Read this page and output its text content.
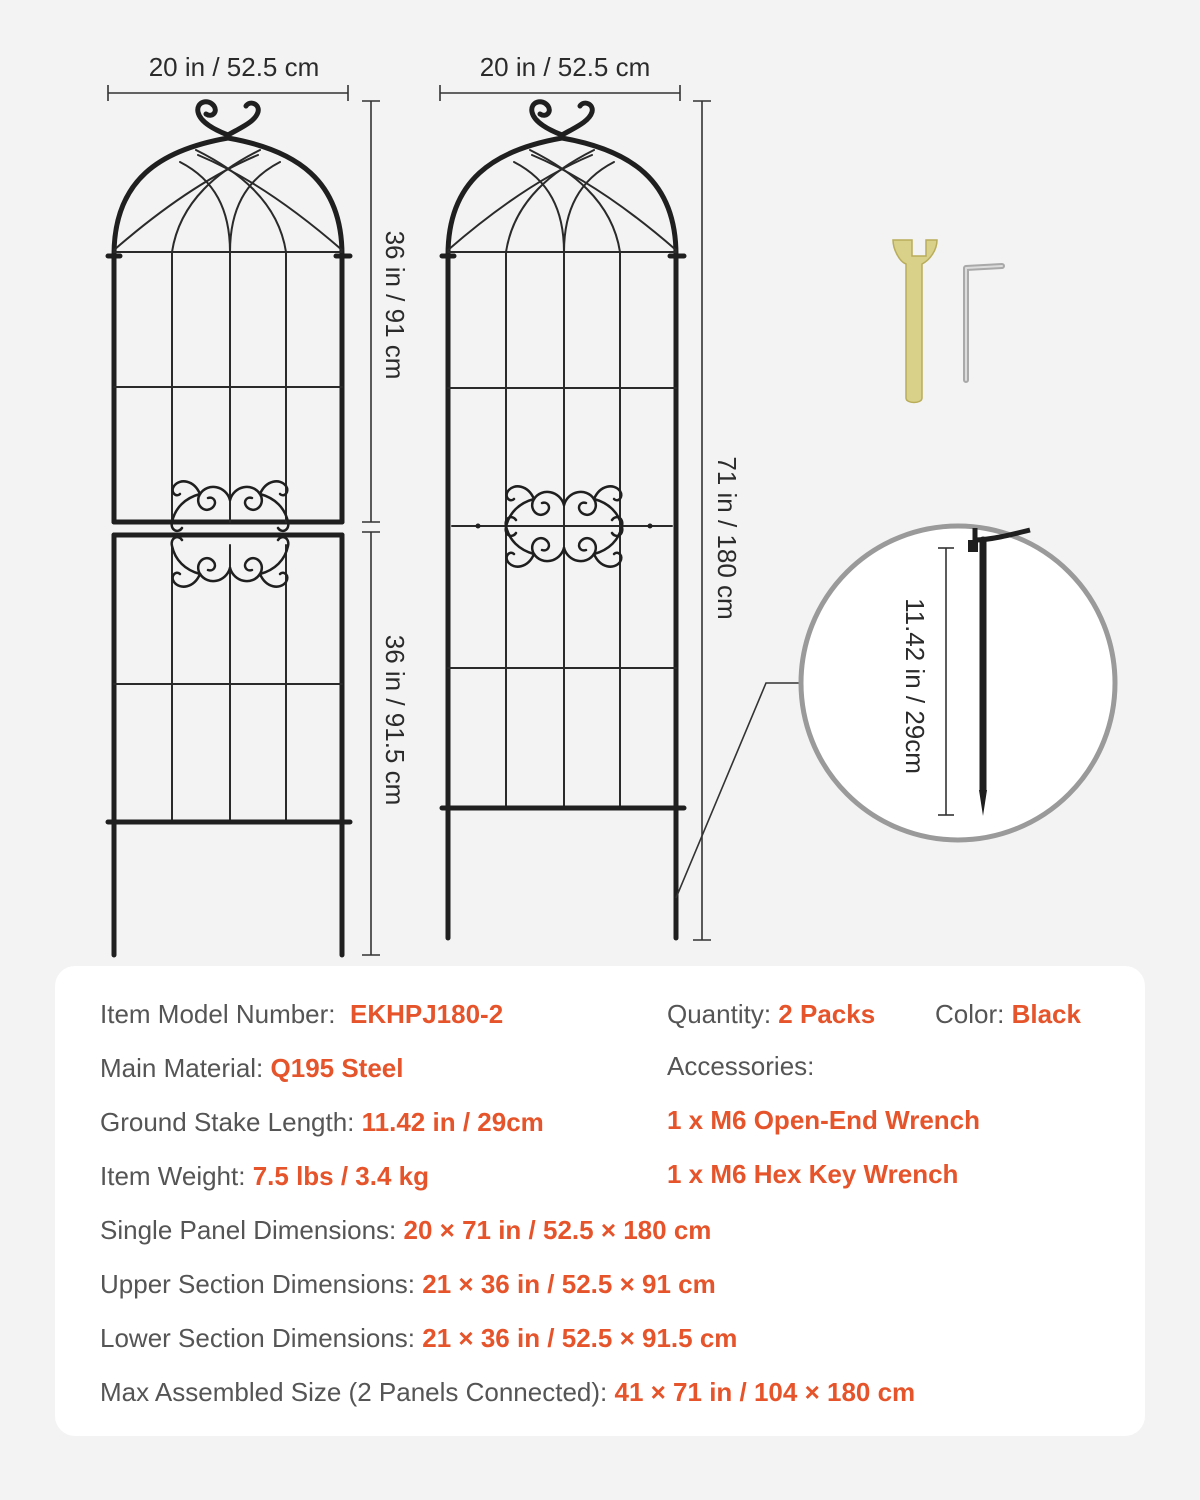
20 in / 52.5 cm	20 in / 52.5 cm
36 in / 91 cm
36 in / 91.5 cm
71 in / 180 cm
11.42 in / 29cm
Item Model Number: EKHPJ180-2	Quantity: 2 Packs Color: Black
Main Material: Q195 Steel	Accessories:
Ground Stake Length: 11.42 in / 29cm	1 x M6 Open-End Wrench
Item Weight: 7.5 lbs / 3.4 kg	1 x M6 Hex Key Wrench
Single Panel Dimensions: 20 × 71 in / 52.5 × 180 cm
Upper Section Dimensions: 21 × 36 in / 52.5 × 91 cm
Lower Section Dimensions: 21 × 36 in / 52.5 × 91.5 cm
Max Assembled Size (2 Panels Connected): 41 × 71 in / 104 × 180 cm
